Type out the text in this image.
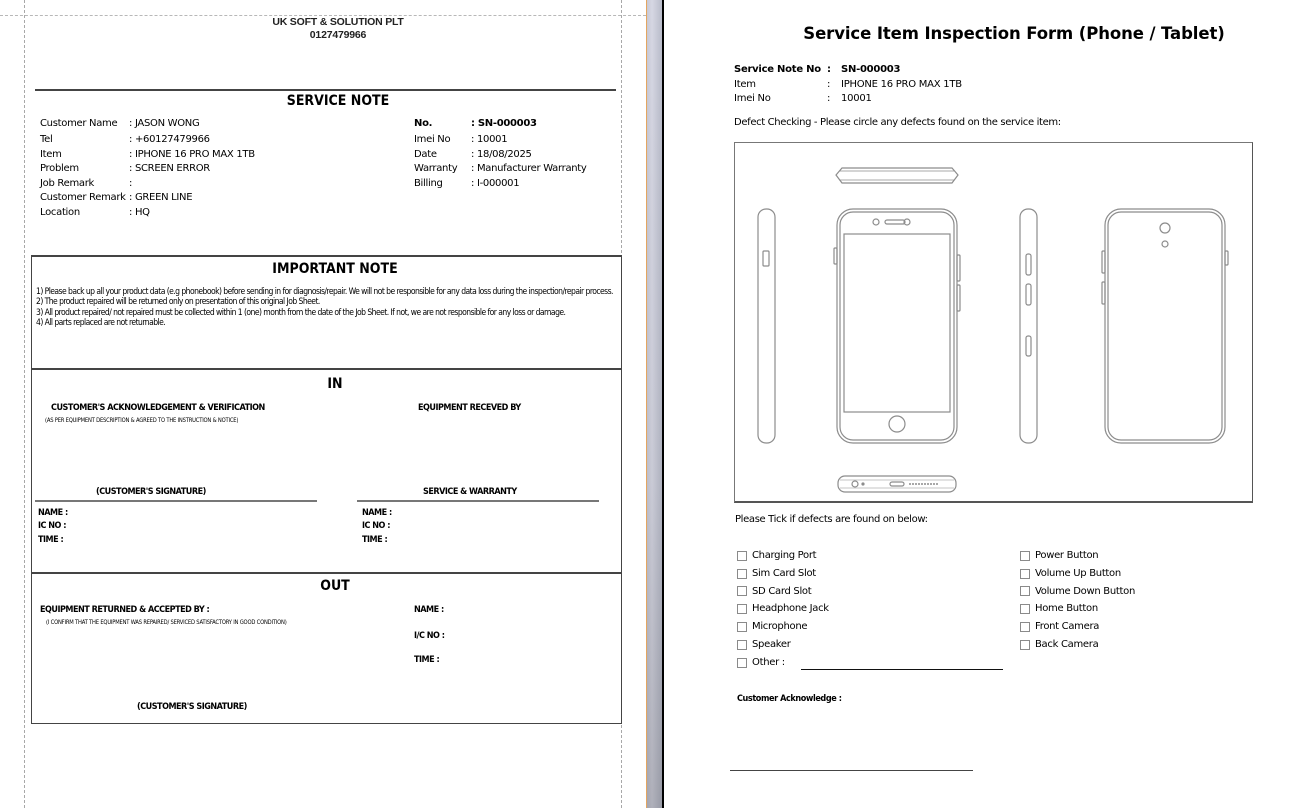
UK SOFT & SOLUTION PLT
0127479966
SERVICE NOTE
Customer Name	: JASON WONG
Tel	: +60127479966
Item	: IPHONE 16 PRO MAX 1TB
Problem	: SCREEN ERROR
Job Remark	:
Customer Remark : GREEN LINE
Location	: HQ
No.	: SN-000003
Imei No	: 10001
Date	: 18/08/2025
Warranty	: Manufacturer Warranty
Billing	: I-000001
IMPORTANT NOTE

1) Please back up all your product data (e.g phonebook) before sending in for diagnosis/repair. We will not be responsible for any data loss during the inspection/repair process.

2) The product repaired will be returned only on presentation of this original Job Sheet.

3) All product repaired/ not repaired must be collected within 1 (one) month from the date of the Job Sheet. If not, we are not responsible for any loss or damage.

4) All parts replaced are not returnable.

IN
CUSTOMER'S ACKNOWLEDGEMENT & VERIFICATION
(AS PER EQUIPMENT DESCRIPTION & AGREED TO THE INSTRUCTION & NOTICE)
EQUIPMENT RECEVED BY
(CUSTOMER'S SIGNATURE)	SERVICE & WARRANTY
NAME :
IC NO :
TIME :
NAME :
IC NO :
TIME :
OUT
EQUIPMENT RETURNED & ACCEPTED BY :
(I CONFIRM THAT THE EQUIPMENT WAS REPAIRED/ SERVICED SATISFACTORY IN GOOD CONDITION)
NAME :
I/C NO :
TIME :
(CUSTOMER'S SIGNATURE)
Service Item Inspection Form (Phone / Tablet)
Service Note No :	SN-000003
Item	:	IPHONE 16 PRO MAX 1TB
Imei No	:	10001
Defect Checking - Please circle any defects found on the service item:
Please Tick if defects are found on below:
Charging Port
Sim Card Slot
SD Card Slot
Headphone Jack
Microphone
Speaker
Other :
Power Button
Volume Up Button
Volume Down Button
Home Button
Front Camera
Back Camera
Customer Acknowledge :
